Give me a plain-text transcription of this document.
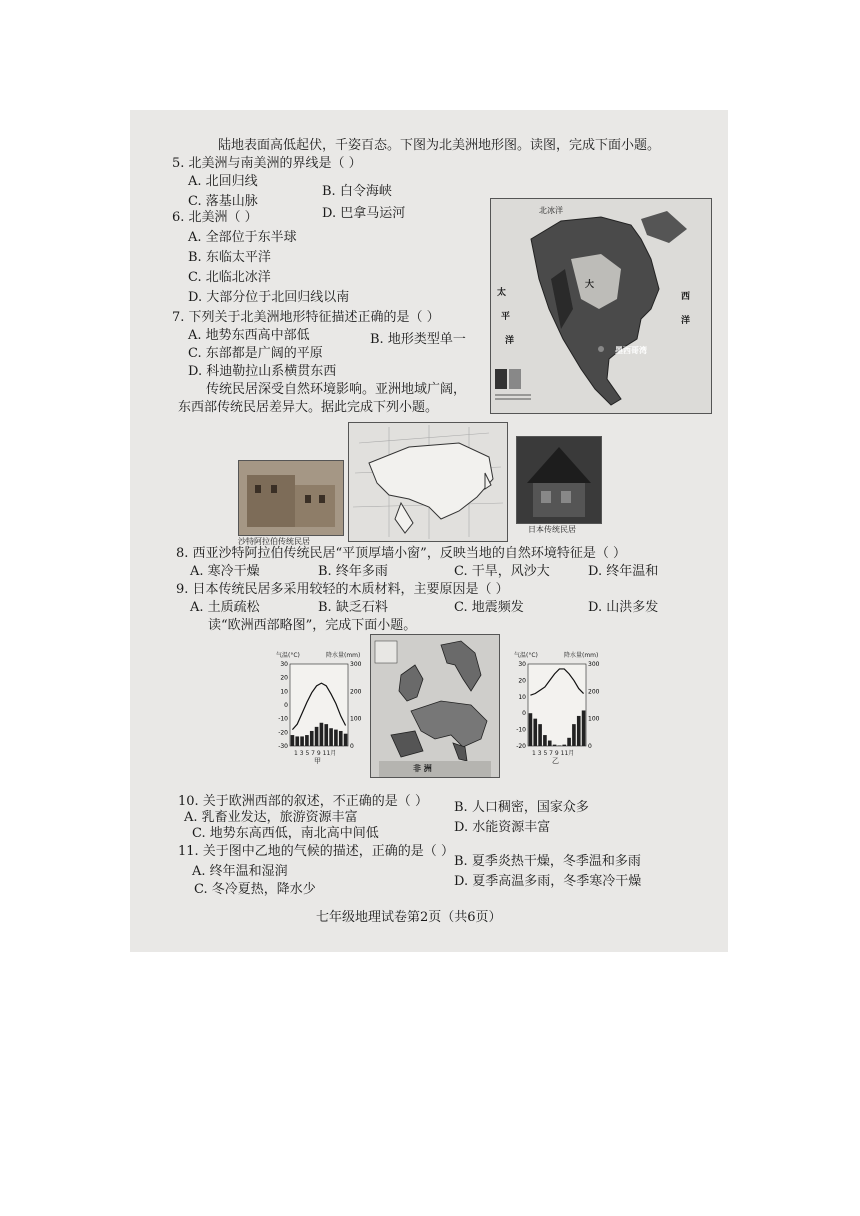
陆地表面高低起伏，千姿百态。下图为北美洲地形图。读图，完成下面小题。
5. 北美洲与南美洲的界线是（ ）
A. 北回归线
B. 白令海峡
C. 落基山脉
D. 巴拿马运河
6. 北美洲（ ）
A. 全部位于东半球
B. 东临太平洋
C. 北临北冰洋
D. 大部分位于北回归线以南
7. 下列关于北美洲地形特征描述正确的是（ ）
A. 地势东西高中部低	B. 地形类型单一
C. 东部都是广阔的平原
D. 科迪勒拉山系横贯东西
北冰洋
太
平
洋
大
西
洋
墨西哥湾
传统民居深受自然环境影响。亚洲地域广阔，
东西部传统民居差异大。据此完成下列小题。
沙特阿拉伯传统民居
日本传统民居
8. 西亚沙特阿拉伯传统民居“平顶厚墙小窗”，反映当地的自然环境特征是（ ）
A. 寒冷干燥	B. 终年多雨	C. 干旱，风沙大	D. 终年温和
9. 日本传统民居多采用较轻的木质材料，主要原因是（ ）
A. 土质疏松	B. 缺乏石料	C. 地震频发	D. 山洪多发
读“欧洲西部略图”，完成下面小题。
气温(°C)	降水量(mm)
30
20
10
0
-10
-20
-30
300
200
100
0
1 3 5 7 9 11月
甲
非 洲
气温(°C)	降水量(mm)
30
20
10
0
-10
-20
300
200
100
0
1 3 5 7 9 11月
乙
10. 关于欧洲西部的叙述，不正确的是（ ）
A. 乳畜业发达，旅游资源丰富
B. 人口稠密，国家众多
C. 地势东高西低，南北高中间低	D. 水能资源丰富
11. 关于图中乙地的气候的描述，正确的是（ ）
A. 终年温和湿润
B. 夏季炎热干燥，冬季温和多雨
C. 冬冷夏热，降水少
D. 夏季高温多雨，冬季寒冷干燥
七年级地理试卷第2页（共6页）
